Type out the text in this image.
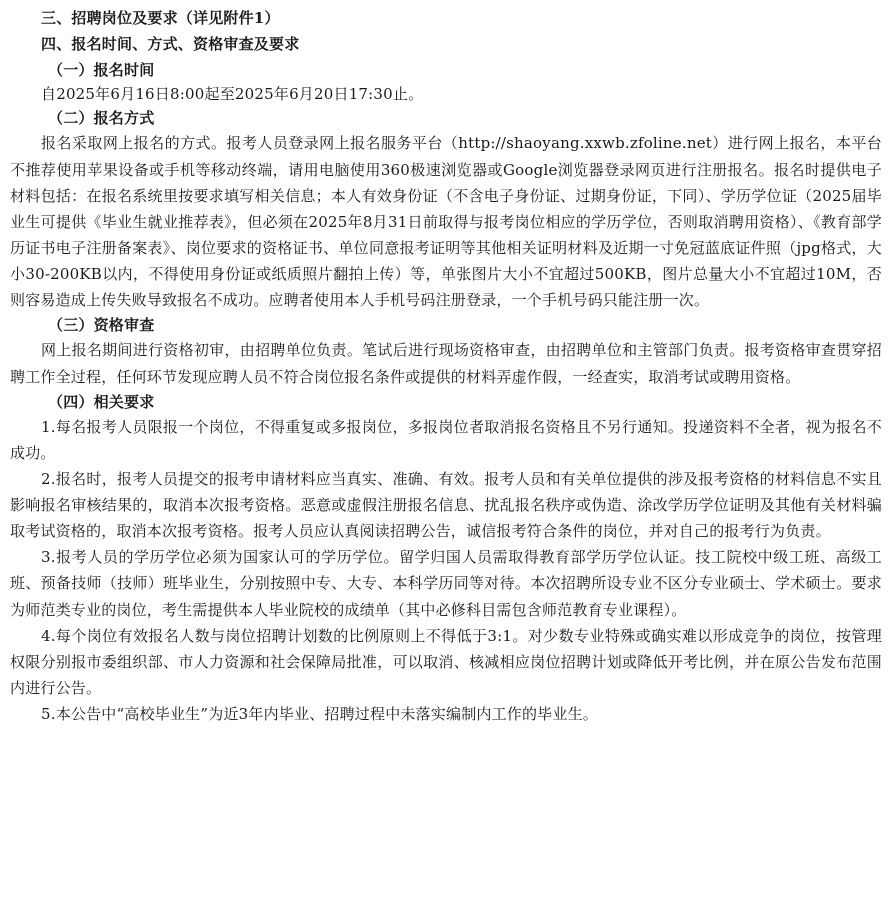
三、招聘岗位及要求（详见附件1）

四、报名时间、方式、资格审查及要求

（一）报名时间

自2025年6月16日8:00起至2025年6月20日17:30止。

（二）报名方式

报名采取网上报名的方式。报考人员登录网上报名服务平台（http://shaoyang.xxwb.zfoline.net）进行网上报名，本平台不推荐使用苹果设备或手机等移动终端，请用电脑使用360极速浏览器或Google浏览器登录网页进行注册报名。报名时提供电子材料包括：在报名系统里按要求填写相关信息；本人有效身份证（不含电子身份证、过期身份证，下同）、学历学位证（2025届毕业生可提供《毕业生就业推荐表》，但必须在2025年8月31日前取得与报考岗位相应的学历学位，否则取消聘用资格）、《教育部学历证书电子注册备案表》、岗位要求的资格证书、单位同意报考证明等其他相关证明材料及近期一寸免冠蓝底证件照（jpg格式，大小30-200KB以内，不得使用身份证或纸质照片翻拍上传）等，单张图片大小不宜超过500KB，图片总量大小不宜超过10M，否则容易造成上传失败导致报名不成功。应聘者使用本人手机号码注册登录，一个手机号码只能注册一次。

（三）资格审查

网上报名期间进行资格初审，由招聘单位负责。笔试后进行现场资格审查，由招聘单位和主管部门负责。报考资格审查贯穿招聘工作全过程，任何环节发现应聘人员不符合岗位报名条件或提供的材料弄虚作假，一经查实，取消考试或聘用资格。

（四）相关要求

1.每名报考人员限报一个岗位，不得重复或多报岗位，多报岗位者取消报名资格且不另行通知。投递资料不全者，视为报名不成功。

2.报名时，报考人员提交的报考申请材料应当真实、准确、有效。报考人员和有关单位提供的涉及报考资格的材料信息不实且影响报名审核结果的，取消本次报考资格。恶意或虚假注册报名信息、扰乱报名秩序或伪造、涂改学历学位证明及其他有关材料骗取考试资格的，取消本次报考资格。报考人员应认真阅读招聘公告，诚信报考符合条件的岗位，并对自己的报考行为负责。

3.报考人员的学历学位必须为国家认可的学历学位。留学归国人员需取得教育部学历学位认证。技工院校中级工班、高级工班、预备技师（技师）班毕业生，分别按照中专、大专、本科学历同等对待。本次招聘所设专业不区分专业硕士、学术硕士。要求为师范类专业的岗位，考生需提供本人毕业院校的成绩单（其中必修科目需包含师范教育专业课程）。

4.每个岗位有效报名人数与岗位招聘计划数的比例原则上不得低于3:1。对少数专业特殊或确实难以形成竞争的岗位，按管理权限分别报市委组织部、市人力资源和社会保障局批准，可以取消、核减相应岗位招聘计划或降低开考比例，并在原公告发布范围内进行公告。

5.本公告中“高校毕业生”为近3年内毕业、招聘过程中未落实编制内工作的毕业生。
